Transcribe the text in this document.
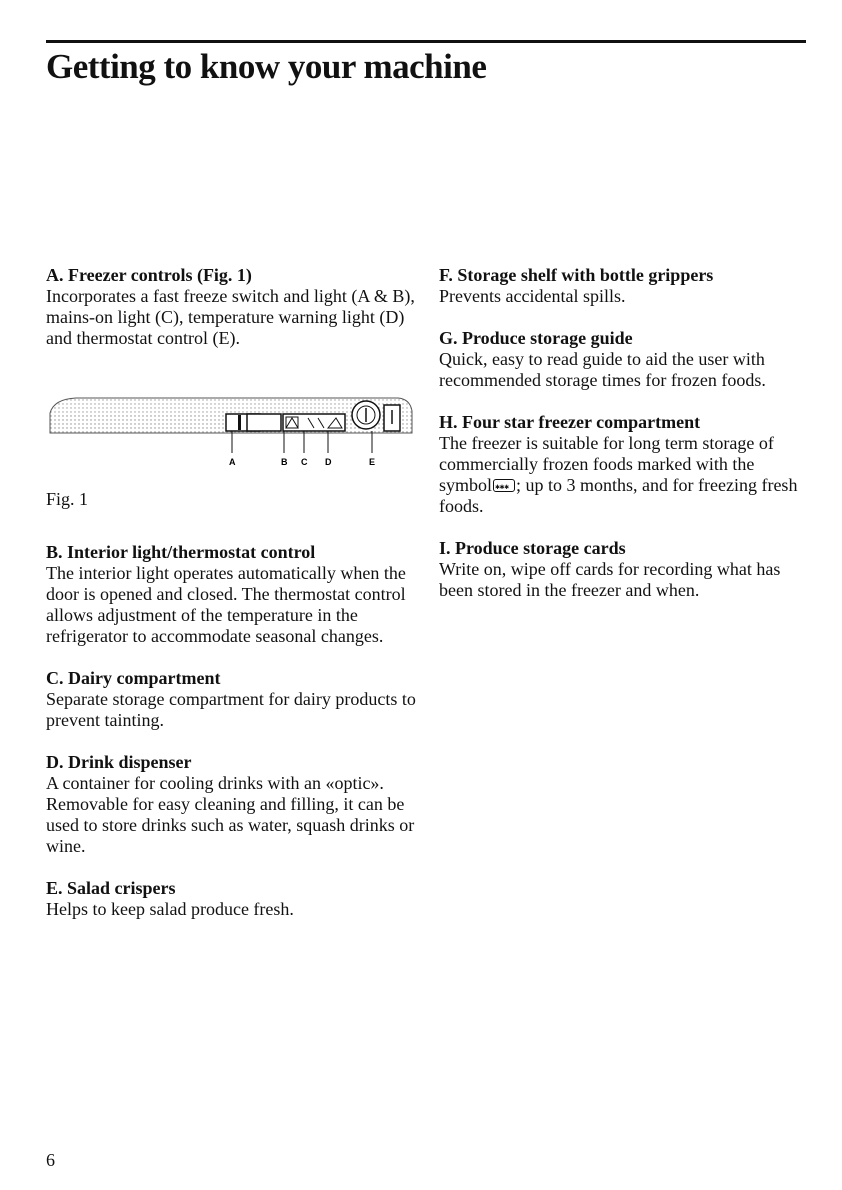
Getting to know your machine
A. Freezer controls (Fig. 1)

Incorporates a fast freeze switch and light (A & B), mains-on light (C), temperature warning light (D) and thermostat control (E).

A	B C D	E
Fig. 1
B. Interior light/thermostat control

The interior light operates automatically when the door is opened and closed. The thermostat control allows adjustment of the temperature in the refrigerator to accommodate seasonal changes.

C. Dairy compartment

Separate storage compartment for dairy products to prevent tainting.

D. Drink dispenser

A container for cooling drinks with an «optic». Removable for easy cleaning and filling, it can be used to store drinks such as water, squash drinks or wine.

E. Salad crispers

Helps to keep salad produce fresh.

F. Storage shelf with bottle grippers

Prevents accidental spills.

G. Produce storage guide

Quick, easy to read guide to aid the user with recommended storage times for frozen foods.

H. Four star freezer compartment

The freezer is suitable for long term storage of commercially frozen foods marked with the symbol✱✱✱ ; up to 3 months, and for freezing fresh foods.

I. Produce storage cards

Write on, wipe off cards for recording what has been stored in the freezer and when.

6
